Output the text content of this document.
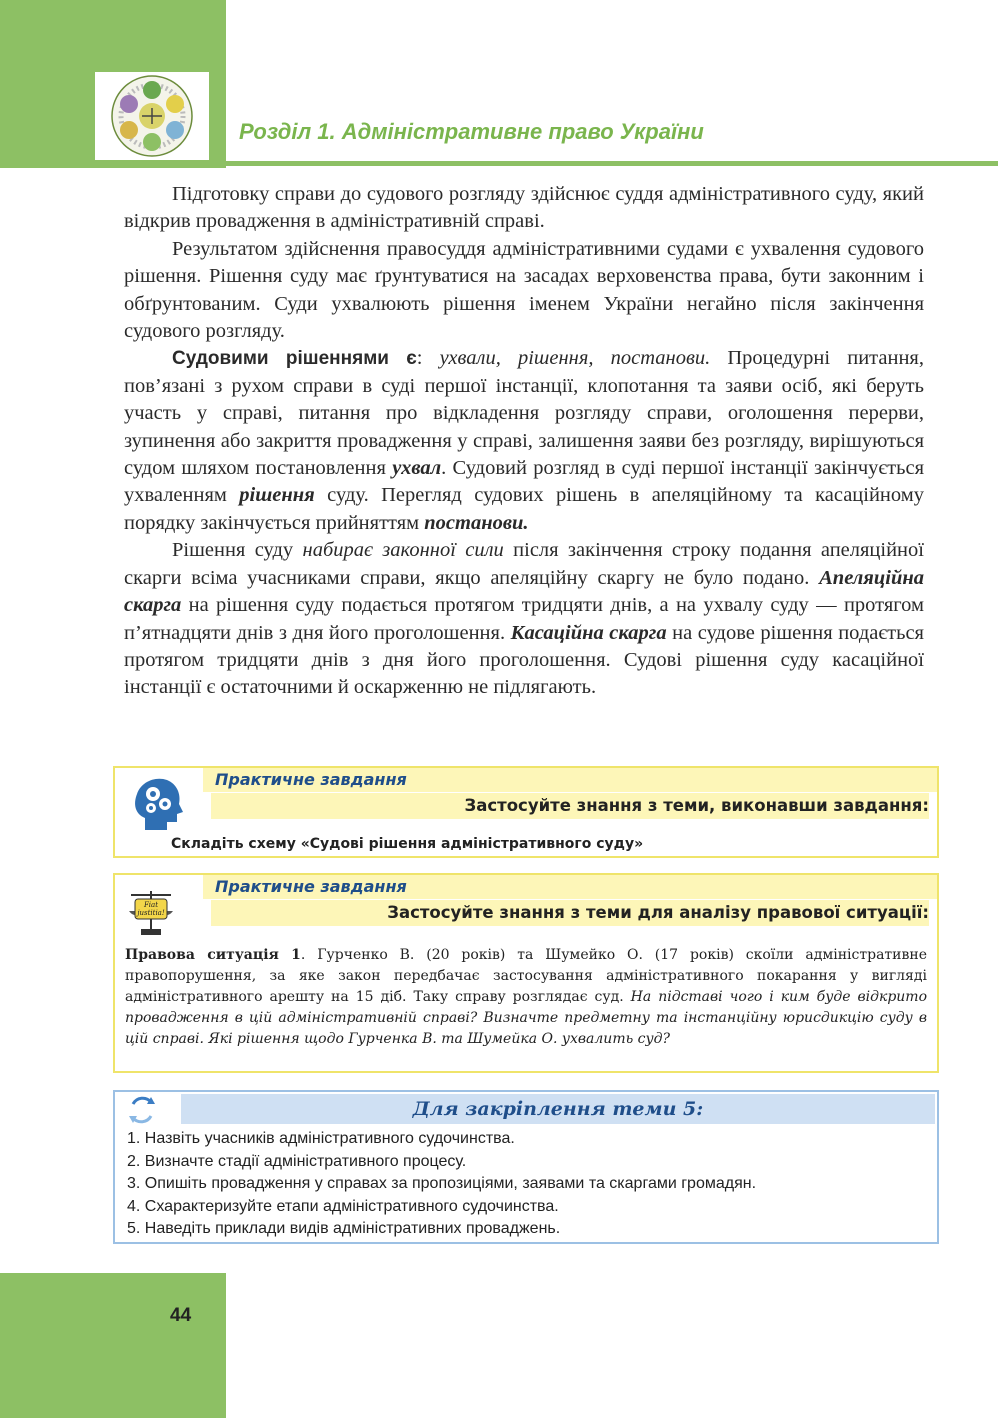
Розділ 1. Адміністративне право України

Підготовку справи до судового розгляду здійснює суддя адміністративного суду, який відкрив провадження в адміністративній справі.

Результатом здійснення правосуддя адміністративними судами є ухвалення судового рішення. Рішення суду має ґрунтуватися на засадах верховенства права, бути законним і обґрунтованим. Суди ухвалюють рішення іменем України негайно після закінчення судового розгляду.

Судовими рішеннями є: ухвали, рішення, постанови. Процедурні питання, пов’язані з рухом справи в суді першої інстанції, клопотання та заяви осіб, які беруть участь у справі, питання про відкладення розгляду справи, оголошення перерви, зупинення або закриття провадження у справі, залишення заяви без розгляду, вирішуються судом шляхом постановлення ухвал. Судовий розгляд в суді першої інстанції закінчується ухваленням рішення суду. Перегляд судових рішень в апеляційному та касаційному порядку закінчується прийняттям постанови.

Рішення суду набирає законної сили після закінчення строку подання апеляційної скарги всіма учасниками справи, якщо апеляційну скаргу не було подано. Апеляційна скарга на рішення суду подається протягом тридцяти днів, а на ухвалу суду — протягом п’ятнадцяти днів з дня його проголошення. Касаційна скарга на судове рішення подається протягом тридцяти днів з дня його проголошення. Судові рішення суду касаційної інстанції є остаточними й оскарженню не підлягають.

Практичне завдання
Застосуйте знання з теми, виконавши завдання:
Складіть схему «Судові рішення адміністративного суду»
Fiat
justitia!
Практичне завдання
Застосуйте знання з теми для аналізу правової ситуації:
Правова ситуація 1. Гурченко В. (20 років) та Шумейко О. (17 років) скоїли адміністративне правопорушення, за яке закон передбачає застосування адміністративного покарання у вигляді адміністративного арешту на 15 діб. Таку справу розглядає суд. На підставі чого і ким буде відкрито провадження в цій адміністративній справі? Визначте предметну та інстанційну юрисдикцію суду в цій справі. Які рішення щодо Гурченка В. та Шумейка О. ухвалить суд?
Для закріплення теми 5:
1. Назвіть учасників адміністративного судочинства.
2. Визначте стадії адміністративного процесу.
3. Опишіть провадження у справах за пропозиціями, заявами та скаргами громадян.
4. Схарактеризуйте етапи адміністративного судочинства.
5. Наведіть приклади видів адміністративних проваджень.
44
